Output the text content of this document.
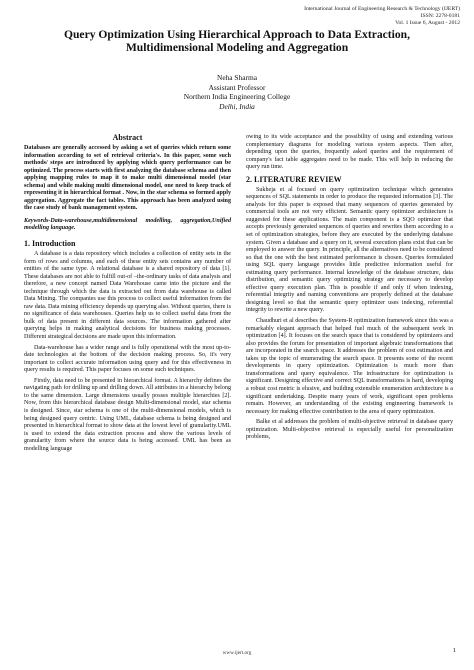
International Journal of Engineering Research & Technology (IJERT)
ISSN: 2278-0181
Vol. 1 Issue 6, August - 2012
Query Optimization Using Hierarchical Approach to Data Extraction, Multidimensional Modeling and Aggregation
Neha Sharma
Assistant Professor
Northern India Engineering College
Delhi, India
Abstract

Databases are generally accessed by asking a set of queries which return some information according to set of retrieval criteria's. In this paper, some such methods/ steps are introduced by applying which query performance can be optimized. The process starts with first analyzing the database schema and then applying mapping rules to map it to make multi dimensional model (star schema) and while making multi dimensional model, one need to keep track of representing it in hierarchical format . Now, in the star schema so formed apply aggregation. Aggregate the fact tables. This approach has been analyzed using the case study of bank management system.

Keywords-Data-warehouse,multidimensional modelling, aggregation,Unified modelling language.

1. Introduction

A database is a data repository which includes a collection of entity sets in the form of rows and columns, and each of these entity sets contains any number of entities of the same type. A relational database is a shared repository of data [1]. These databases are not able to fulfill out-of –the-ordinary tasks of data analysis and therefore, a new concept named Data Warehouse came into the picture and the technique through which the data is extracted out from data warehouse is called Data Mining. The companies use this process to collect useful information from the raw data. Data mining efficiency depends up querying also. Without queries, there is no significance of data warehouses. Queries help us to collect useful data from the bulk of data present in different data sources. The information gathered after querying helps in making analytical decisions for business making processes. Different strategical decisions are made upon this information.

Data-warehouse has a wider range and is fully operational with the most up-to-date technologies at the bottom of the decision making process. So, it's very important to collect accurate information using query and for this effectiveness in query results is required. This paper focuses on some such techniques.

Firstly, data need to be presented in hierarchical format. A hierarchy defines the navigating path for drilling up and drilling down. All attributes in a hierarchy belong to the same dimension. Large dimensions usually posses multiple hierarchies [2]. Now, from this hierarchical database design Multi-dimensional model, star schema is designed. Since, star schema is one of the multi-dimensional models, which is being designed query centric. Using UML, database schema is being designed and presented in hierarchical format to show data at the lowest level of granularity.UML is used to extend the data extraction process and show the various levels of granularity from where the source data is being accessed. UML has been as modelling language

owing to its wide acceptance and the possibility of using and extending various complementary diagrams for modeling various system aspects. Then after, depending upon the queries, frequently asked queries and the requirement of company's fact table aggregates need to be made. This will help in reducing the query run time.

2. LITERATURE REVIEW

Sukheja et al focused on query optimization technique which generates sequences of SQL statements in order to produce the requested information [3]. The analysis for this paper is exposed that many sequences of queries generated by commercial tools are not very efficient. Semantic query optimizer architecture is suggested for these applications. The main component is a SQO optimizer that accepts previously generated sequences of queries and rewrites them according to a set of optimization strategies, before they are executed by the underlying database system. Given a database and a query on it, several execution plans exist that can be employed to answer the query. In principle, all the alternatives need to be considered so that the one with the best estimated performance is chosen. Queries formulated using SQL query language provides little predictive information useful for estimating query performance. Internal knowledge of the database structure, data distribution, and semantic query optimizing strategy are necessary to develop effective query execution plan. This is possible if and only if when indexing, referential integrity and naming conventions are properly defined at the database designing level so that the semantic query optimizer uses indexing, referential integrity to rewrite a new query.

Chaudhuri et al describes the System-R optimization framework since this was a remarkably elegant approach that helped fuel much of the subsequent work in optimization [4]. It focuses on the search space that is considered by optimizers and also provides the forum for presentation of important algebraic transformations that are incorporated in the search space. It addresses the problem of cost estimation and takes up the topic of enumerating the search space. It presents some of the recent developments in query optimization. Optimization is much more than transformations and query equivalence. The infrastructure for optimization is significant. Designing effective and correct SQL transformations is hard, developing a robust cost metric is elusive, and building extensible enumeration architecture is a significant undertaking. Despite many years of work, significant open problems remain. However, an understanding of the existing engineering framework is necessary for making effective contribution to the area of query optimization.

Balke et al addresses the problem of multi-objective retrieval in database query optimization. Multi-objective retrieval is especially useful for personalization problems,

www.ijert.org	1
